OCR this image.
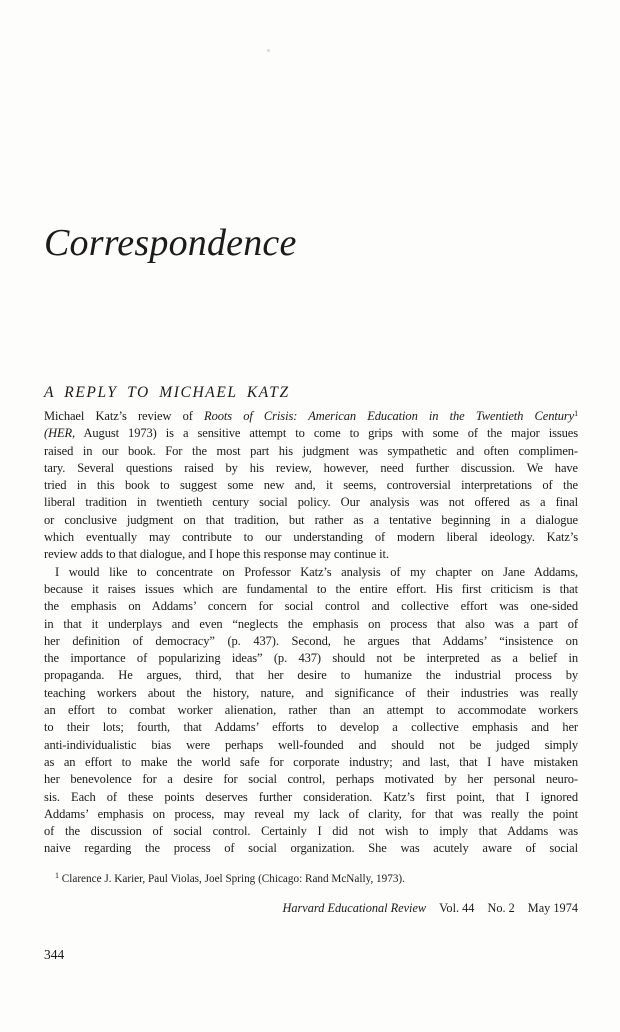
Correspondence
A REPLY TO MICHAEL KATZ
Michael Katz’s review of Roots of Crisis: American Education in the Twentieth Century$^1$
(HER, August 1973) is a sensitive attempt to come to grips with some of the major issues
raised in our book. For the most part his judgment was sympathetic and often complimen-
tary. Several questions raised by his review, however, need further discussion. We have
tried in this book to suggest some new and, it seems, controversial interpretations of the
liberal tradition in twentieth century social policy. Our analysis was not offered as a final
or conclusive judgment on that tradition, but rather as a tentative beginning in a dialogue
which eventually may contribute to our understanding of modern liberal ideology. Katz’s
review adds to that dialogue, and I hope this response may continue it.
I would like to concentrate on Professor Katz’s analysis of my chapter on Jane Addams,
because it raises issues which are fundamental to the entire effort. His first criticism is that
the emphasis on Addams’ concern for social control and collective effort was one-sided
in that it underplays and even “neglects the emphasis on process that also was a part of
her definition of democracy” (p. 437). Second, he argues that Addams’ “insistence on
the importance of popularizing ideas” (p. 437) should not be interpreted as a belief in
propaganda. He argues, third, that her desire to humanize the industrial process by
teaching workers about the history, nature, and significance of their industries was really
an effort to combat worker alienation, rather than an attempt to accommodate workers
to their lots; fourth, that Addams’ efforts to develop a collective emphasis and her
anti-individualistic bias were perhaps well-founded and should not be judged simply
as an effort to make the world safe for corporate industry; and last, that I have mistaken
her benevolence for a desire for social control, perhaps motivated by her personal neuro-
sis. Each of these points deserves further consideration. Katz’s first point, that I ignored
Addams’ emphasis on process, may reveal my lack of clarity, for that was really the point
of the discussion of social control. Certainly I did not wish to imply that Addams was
naive regarding the process of social organization. She was acutely aware of social
$^1$ Clarence J. Karier, Paul Violas, Joel Spring (Chicago: Rand McNally, 1973).
Harvard Educational Review Vol. 44 No. 2 May 1974
344
